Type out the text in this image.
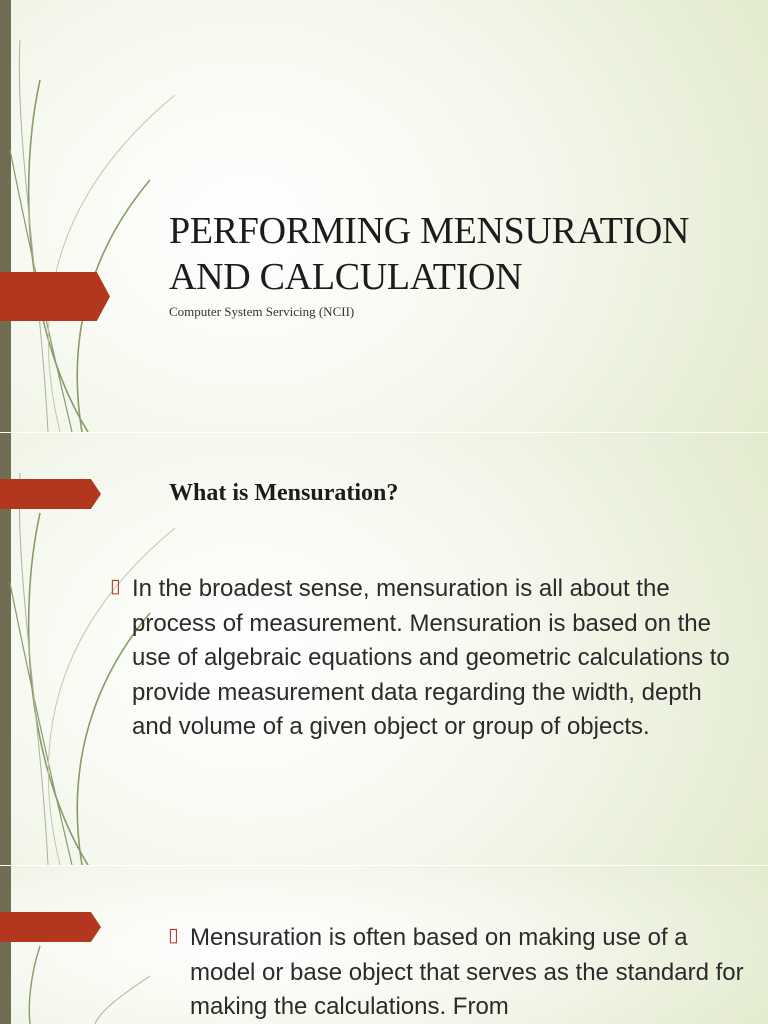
PERFORMING MENSURATION
AND CALCULATION

Computer System Servicing (NCII)

What is Mensuration?
▯ In the broadest sense, mensuration is all about the process of measurement. Mensuration is based on the use of algebraic equations and geometric calculations to provide measurement data regarding the width, depth and volume of a given object or group of objects.

▯ Mensuration is often based on making use of a model or base object that serves as the standard for making the calculations. From
